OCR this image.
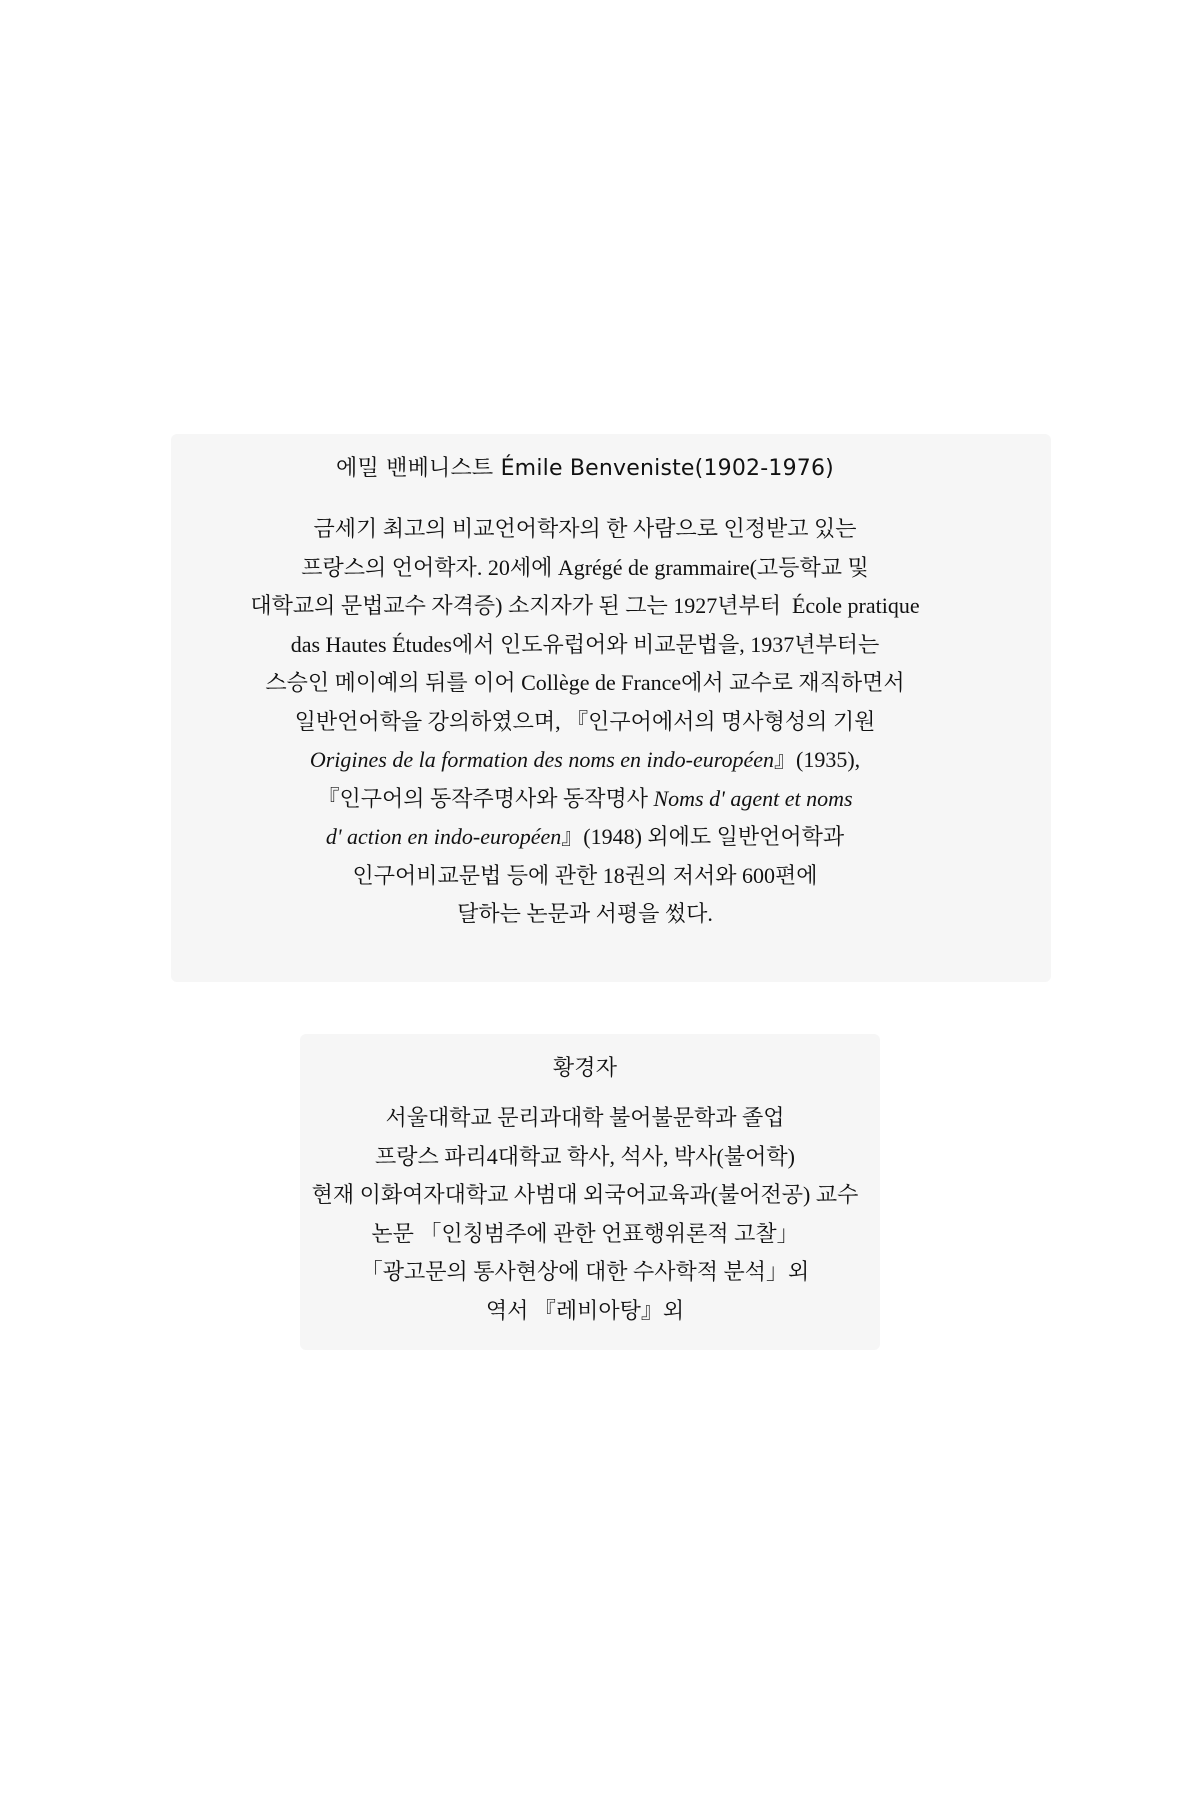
에밀 밴베니스트 Émile Benveniste(1902-1976)
금세기 최고의 비교언어학자의 한 사람으로 인정받고 있는
프랑스의 언어학자. 20세에 Agrégé de grammaire(고등학교 및
대학교의 문법교수 자격증) 소지자가 된 그는 1927년부터  École pratique
das Hautes Études에서 인도유럽어와 비교문법을, 1937년부터는
스승인 메이예의 뒤를 이어 Collège de France에서 교수로 재직하면서
일반언어학을 강의하였으며, 『인구어에서의 명사형성의 기원
Origines de la formation des noms en indo-européen』(1935),
『인구어의 동작주명사와 동작명사 Noms d' agent et noms
d' action en indo-européen』(1948) 외에도 일반언어학과
인구어비교문법 등에 관한 18권의 저서와 600편에
달하는 논문과 서평을 썼다.
황경자
서울대학교 문리과대학 불어불문학과 졸업
프랑스 파리4대학교 학사, 석사, 박사(불어학)
현재 이화여자대학교 사범대 외국어교육과(불어전공) 교수
논문 「인칭범주에 관한 언표행위론적 고찰」
「광고문의 통사현상에 대한 수사학적 분석」외
역서 『레비아탕』외
